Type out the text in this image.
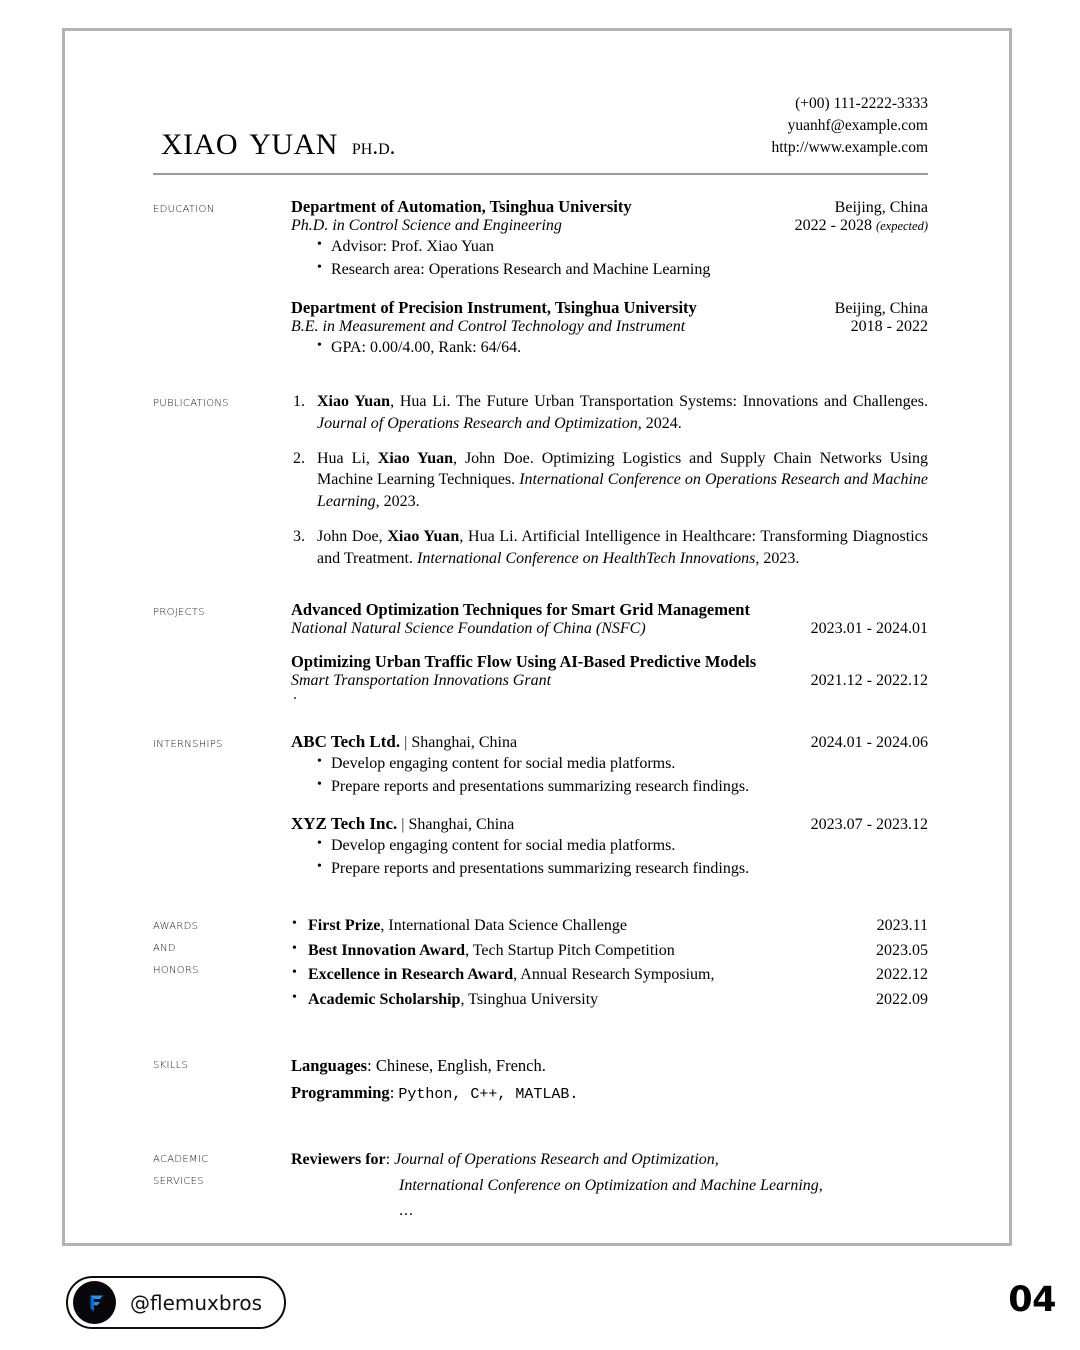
xiao yuan ph.d.
(+00) 111-2222-3333
yuanhf@example.com
http://www.example.com
education	Department of Automation, Tsinghua University	Beijing, China
Ph.D. in Control Science and Engineering	2022 - 2028 (expected)
• Advisor: Prof. Xiao Yuan
• Research area: Operations Research and Machine Learning
Department of Precision Instrument, Tsinghua University	Beijing, China
B.E. in Measurement and Control Technology and Instrument	2018 - 2022
• GPA: 0.00/4.00, Rank: 64/64.
publications	Xiao Yuan, Hua Li. The Future Urban Transportation Systems: Innovations and Challenges. Journal of Operations Research and Optimization, 2024.
Hua Li, Xiao Yuan, John Doe. Optimizing Logistics and Supply Chain Networks Using Machine Learning Techniques. International Conference on Operations Research and Machine Learning, 2023.
John Doe, Xiao Yuan, Hua Li. Artificial Intelligence in Healthcare: Transforming Diagnostics and Treatment. International Conference on HealthTech Innovations, 2023.
projects	Advanced Optimization Techniques for Smart Grid Management
National Natural Science Foundation of China (NSFC)	2023.01 - 2024.01
Optimizing Urban Traffic Flow Using AI-Based Predictive Models
Smart Transportation Innovations Grant	2021.12 - 2022.12
.
internships	ABC Tech Ltd. | Shanghai, China	2024.01 - 2024.06
• Develop engaging content for social media platforms.
• Prepare reports and presentations summarizing research findings.
XYZ Tech Inc. | Shanghai, China	2023.07 - 2023.12
• Develop engaging content for social media platforms.
• Prepare reports and presentations summarizing research findings.
awards
and
honors
• First Prize, International Data Science Challenge	2023.11
• Best Innovation Award, Tech Startup Pitch Competition	2023.05
• Excellence in Research Award, Annual Research Symposium,	2022.12
• Academic Scholarship, Tsinghua University	2022.09
skills	Languages: Chinese, English, French.
Programming: Python, C++, MATLAB.
academic
services
Reviewers for: Journal of Operations Research and Optimization,
International Conference on Optimization and Machine Learning,
...
@flemuxbros	04
